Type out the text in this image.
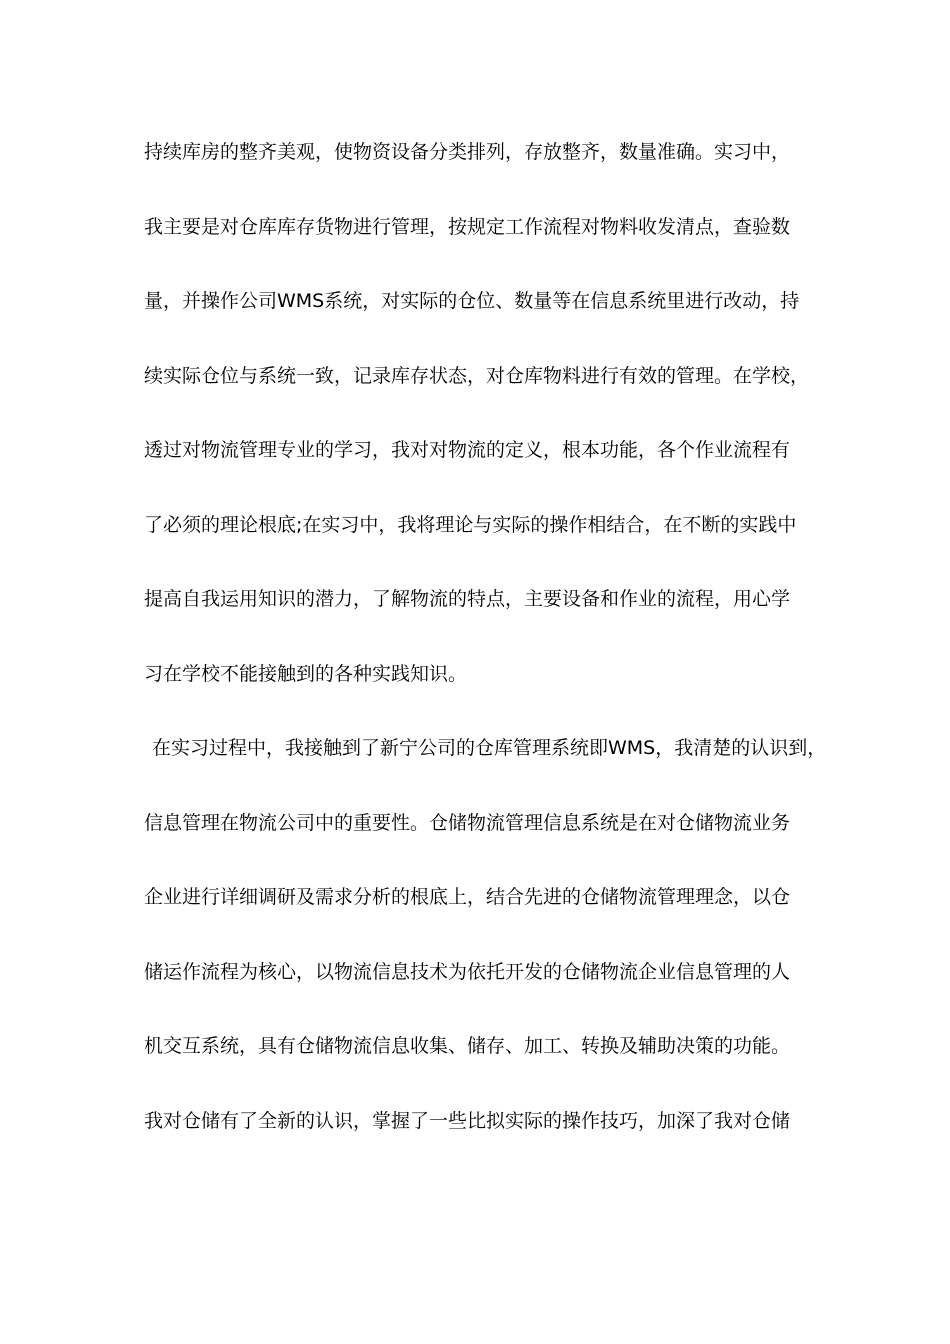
持续库房的整齐美观，使物资设备分类排列，存放整齐，数量准确。实习中，
我主要是对仓库库存货物进行管理，按规定工作流程对物料收发清点，查验数
量，并操作公司WMS系统，对实际的仓位、数量等在信息系统里进行改动，持
续实际仓位与系统一致，记录库存状态，对仓库物料进行有效的管理。在学校，
透过对物流管理专业的学习，我对对物流的定义，根本功能，各个作业流程有
了必须的理论根底;在实习中，我将理论与实际的操作相结合，在不断的实践中
提高自我运用知识的潜力，了解物流的特点，主要设备和作业的流程，用心学
习在学校不能接触到的各种实践知识。
在实习过程中，我接触到了新宁公司的仓库管理系统即WMS，我清楚的认识到，
信息管理在物流公司中的重要性。仓储物流管理信息系统是在对仓储物流业务
企业进行详细调研及需求分析的根底上，结合先进的仓储物流管理理念，以仓
储运作流程为核心，以物流信息技术为依托开发的仓储物流企业信息管理的人
机交互系统，具有仓储物流信息收集、储存、加工、转换及辅助决策的功能。
我对仓储有了全新的认识，掌握了一些比拟实际的操作技巧，加深了我对仓储
